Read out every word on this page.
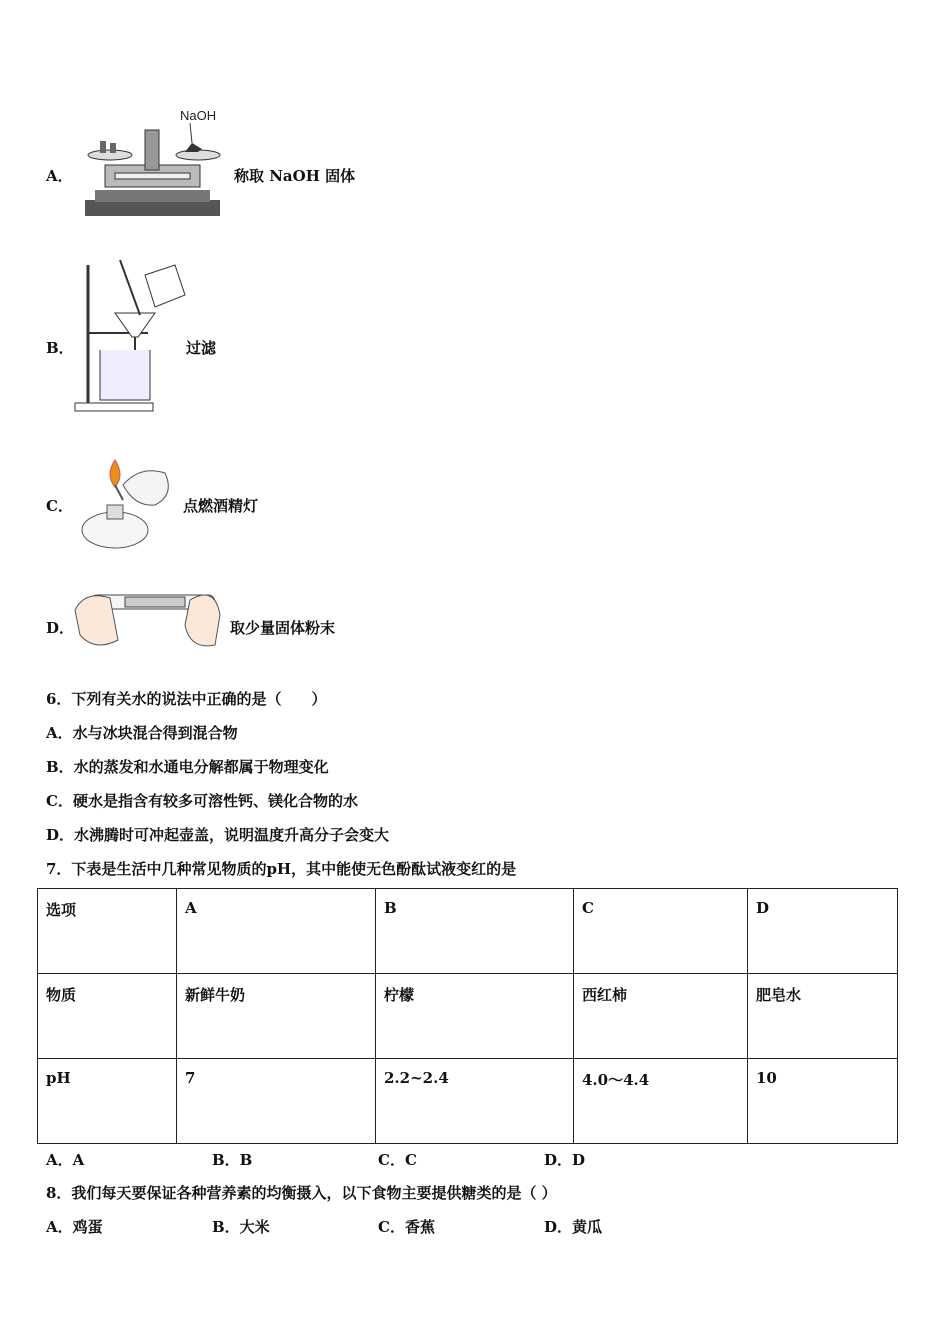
A．
NaOH
称取 NaOH 固体
B．	过滤
C．	点燃酒精灯
D．	取少量固体粉末
6．下列有关水的说法中正确的是（　　）
A．水与冰块混合得到混合物
B．水的蒸发和水通电分解都属于物理变化
C．硬水是指含有较多可溶性钙、镁化合物的水
D．水沸腾时可冲起壶盖，说明温度升高分子会变大
7．下表是生活中几种常见物质的pH，其中能使无色酚酞试液变红的是
选项	A	B	C	D
物质	新鲜牛奶	柠檬	西红柿	肥皂水
pH	7	2.2~2.4	4.0～4.4	10
A．A	B．B	C．C	D．D
8．我们每天要保证各种营养素的均衡摄入，以下食物主要提供糖类的是（ ）
A．鸡蛋	B．大米	C．香蕉	D．黄瓜
